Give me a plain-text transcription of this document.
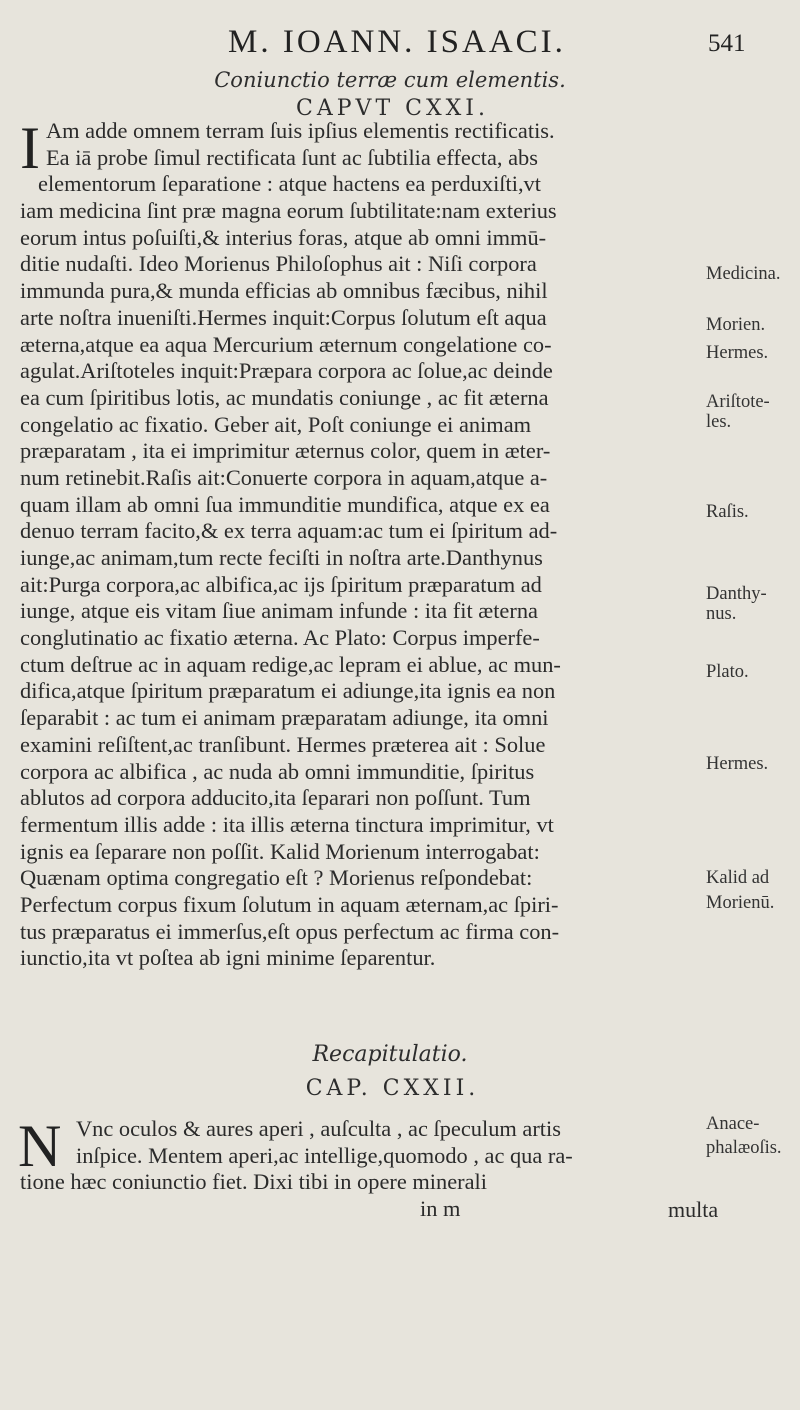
M. IOANN. ISAACI.	541
Coniunctio terræ cum elementis.
CAPVT CXXI.
I Am adde omnem terram ſuis ipſius elementis rectificatis.
Ea iā probe ſimul rectificata ſunt ac ſubtilia effecta, abs
elementorum ſeparatione : atque hactens ea perduxiſti,vt
iam medicina ſint præ magna eorum ſubtilitate:nam exterius
eorum intus poſuiſti,& interius foras, atque ab omni immū-
ditie nudaſti. Ideo Morienus Philoſophus ait : Niſi corpora
immunda pura,& munda efficias ab omnibus fæcibus, nihil
arte noſtra inueniſti.Hermes inquit:Corpus ſolutum eſt aqua
æterna,atque ea aqua Mercurium æternum congelatione co-
agulat.Ariſtoteles inquit:Præpara corpora ac ſolue,ac deinde
ea cum ſpiritibus lotis, ac mundatis coniunge , ac fit æterna
congelatio ac fixatio. Geber ait, Poſt coniunge ei animam
præparatam , ita ei imprimitur æternus color, quem in æter-
num retinebit.Raſis ait:Conuerte corpora in aquam,atque a-
quam illam ab omni ſua immunditie mundifica, atque ex ea
denuo terram facito,& ex terra aquam:ac tum ei ſpiritum ad-
iunge,ac animam,tum recte feciſti in noſtra arte.Danthynus
ait:Purga corpora,ac albifica,ac ijs ſpiritum præparatum ad
iunge, atque eis vitam ſiue animam infunde : ita fit æterna
conglutinatio ac fixatio æterna. Ac Plato: Corpus imperfe-
ctum deſtrue ac in aquam redige,ac lepram ei ablue, ac mun-
difica,atque ſpiritum præparatum ei adiunge,ita ignis ea non
ſeparabit : ac tum ei animam præparatam adiunge, ita omni
examini reſiſtent,ac tranſibunt. Hermes præterea ait : Solue
corpora ac albifica , ac nuda ab omni immunditie, ſpiritus
ablutos ad corpora adducito,ita ſeparari non poſſunt. Tum
fermentum illis adde : ita illis æterna tinctura imprimitur, vt
ignis ea ſeparare non poſſit. Kalid Morienum interrogabat:
Quænam optima congregatio eſt ? Morienus reſpondebat:
Perfectum corpus fixum ſolutum in aquam æternam,ac ſpiri-
tus præparatus ei immerſus,eſt opus perfectum ac firma con-
iunctio,ita vt poſtea ab igni minime ſeparentur.
Recapitulatio.
CAP. CXXII.
N Vnc oculos & aures aperi , auſculta , ac ſpeculum artis
inſpice. Mentem aperi,ac intellige,quomodo , ac qua ra-
tione hæc coniunctio fiet. Dixi tibi in opere minerali
in m	multa
Medicina.
Morien.
Hermes.
Ariſtote-
les.
Raſis.
Danthy-
nus.
Plato.
Hermes.
Kalid ad
Morienū.
Anace-
phalæoſis.
